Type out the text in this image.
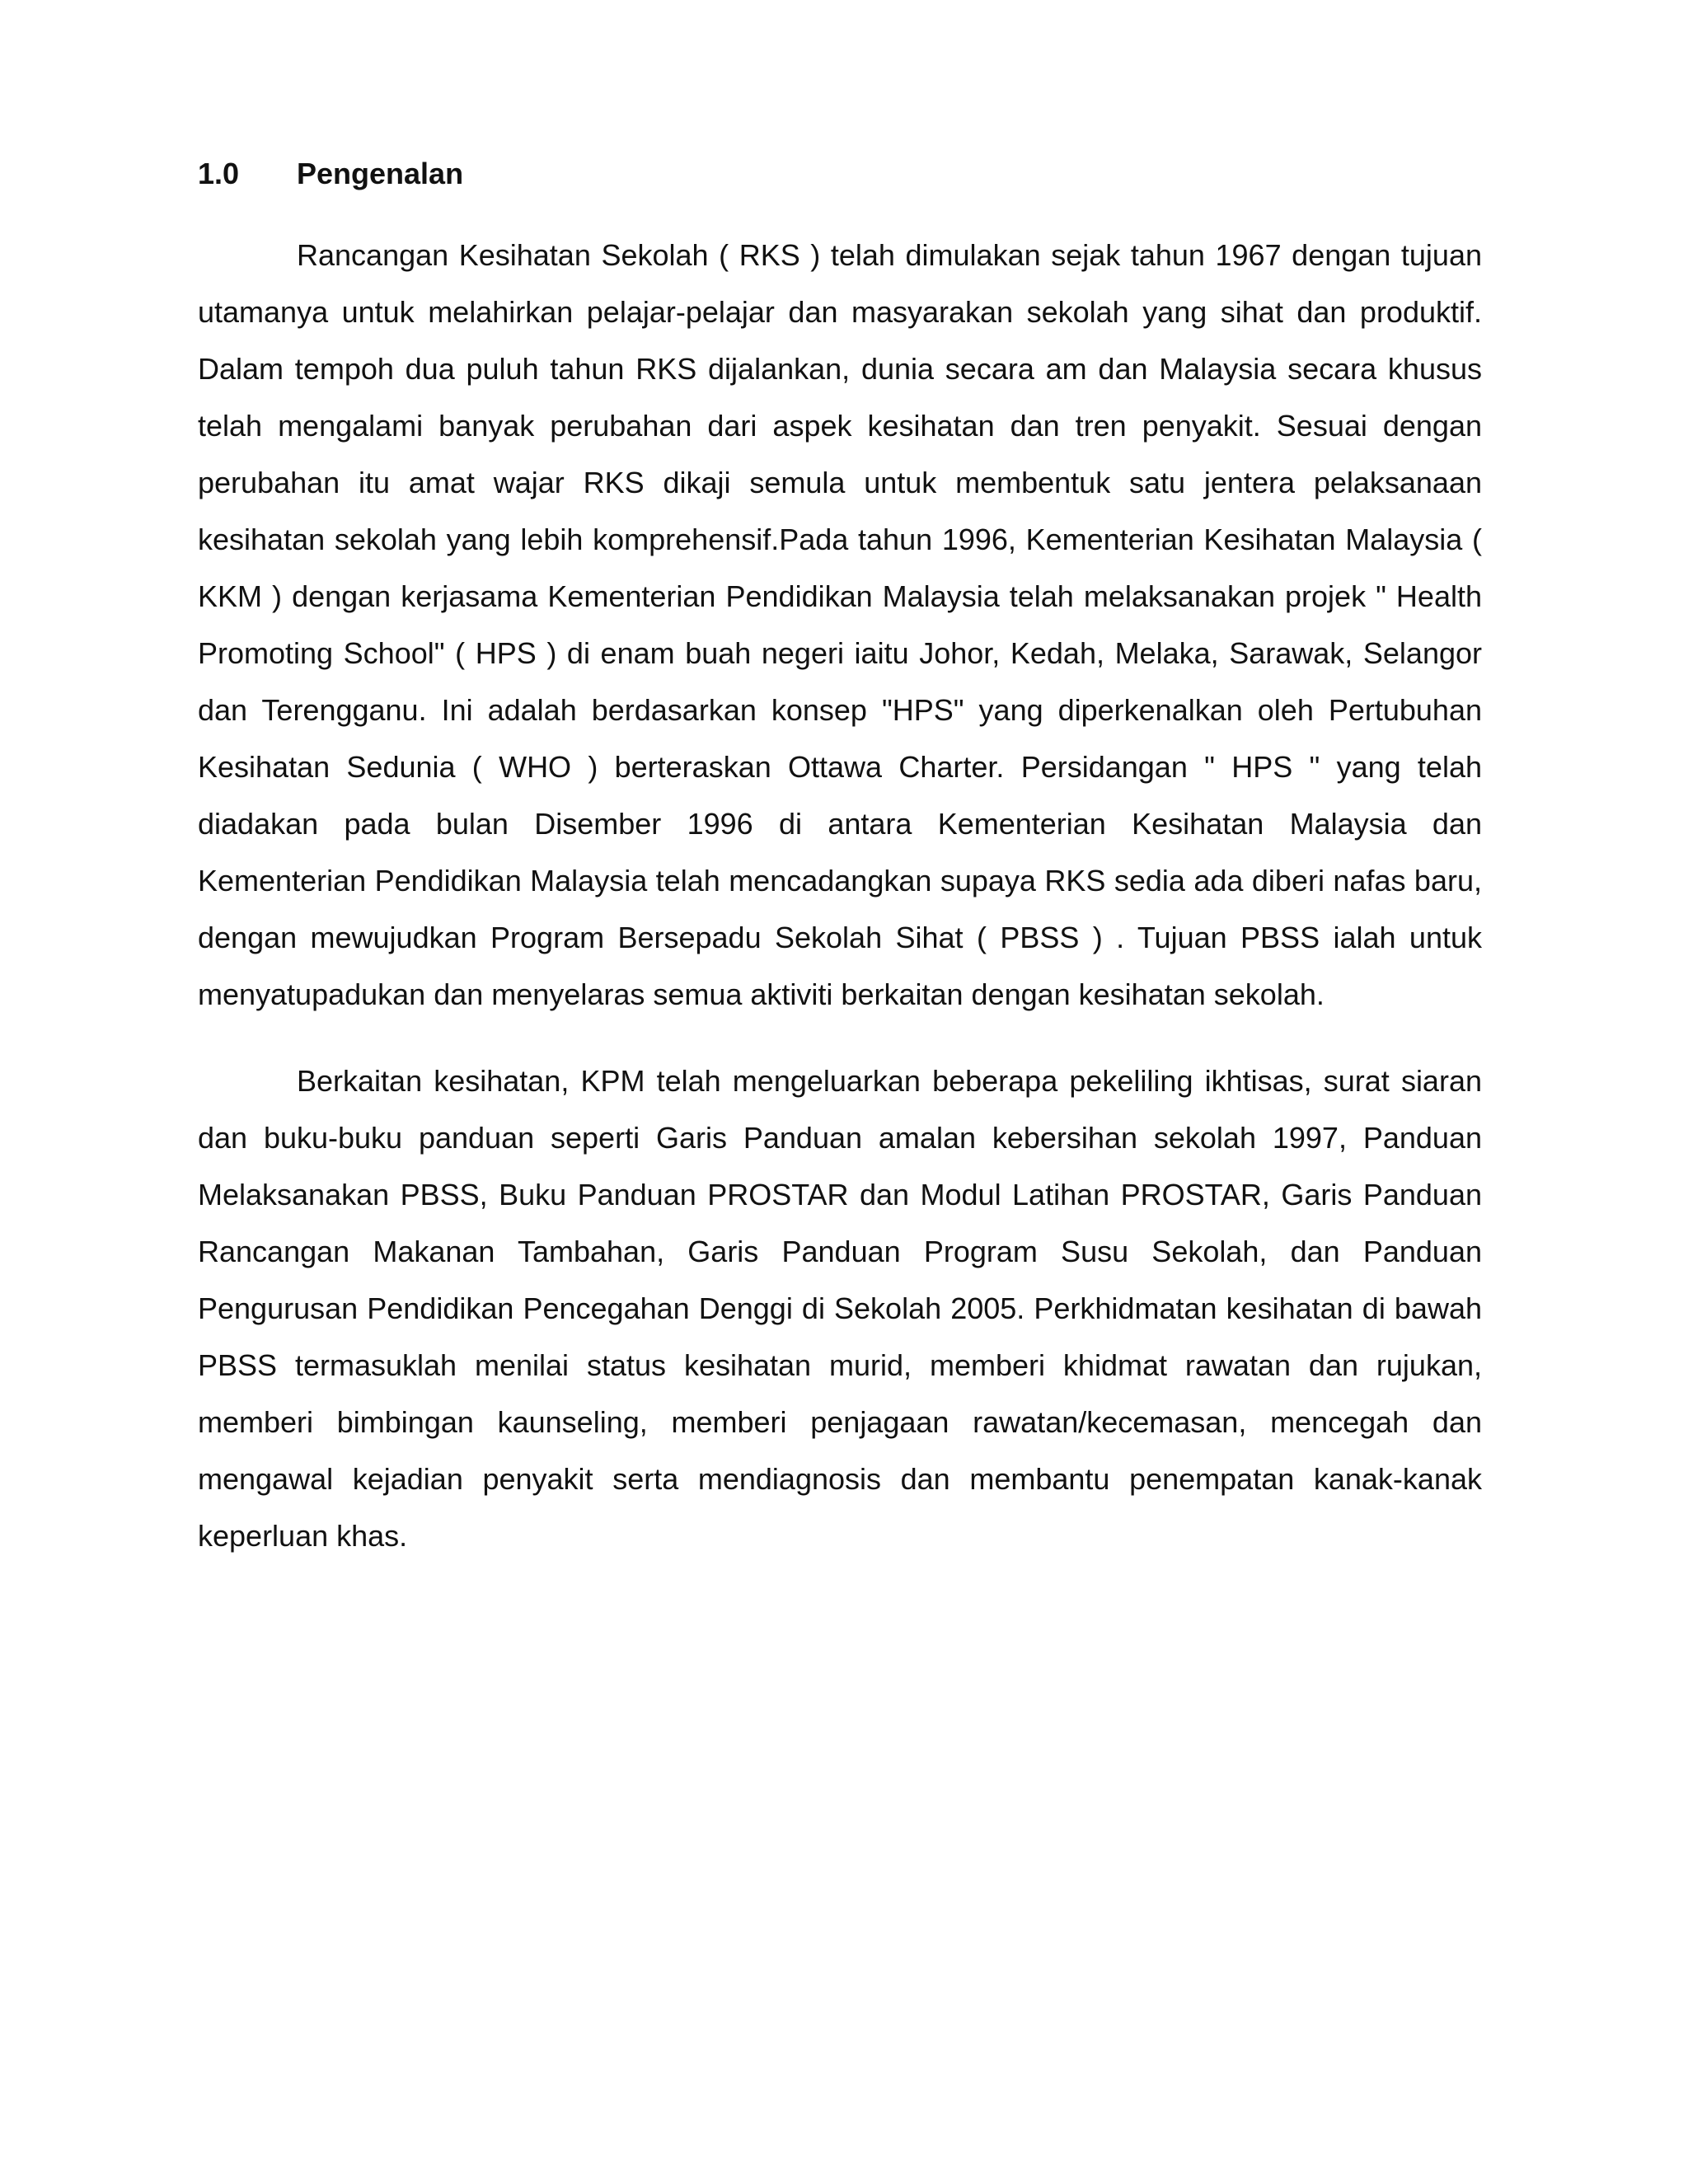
1.0	Pengenalan

Rancangan Kesihatan Sekolah ( RKS ) telah dimulakan sejak tahun 1967 dengan tujuan utamanya untuk melahirkan pelajar-pelajar dan masyarakan sekolah yang sihat dan produktif. Dalam tempoh dua puluh tahun RKS dijalankan, dunia secara am dan Malaysia secara khusus telah mengalami banyak perubahan dari aspek kesihatan dan tren penyakit. Sesuai dengan perubahan itu amat wajar RKS dikaji semula untuk membentuk satu jentera pelaksanaan kesihatan sekolah yang lebih komprehensif.Pada tahun 1996, Kementerian Kesihatan Malaysia ( KKM ) dengan kerjasama Kementerian Pendidikan Malaysia telah melaksanakan projek " Health Promoting School" ( HPS ) di enam buah negeri iaitu Johor, Kedah, Melaka, Sarawak, Selangor dan Terengganu. Ini adalah berdasarkan konsep "HPS" yang diperkenalkan oleh Pertubuhan Kesihatan Sedunia ( WHO ) berteraskan Ottawa Charter. Persidangan " HPS " yang telah diadakan pada bulan Disember 1996 di antara Kementerian Kesihatan Malaysia dan Kementerian Pendidikan Malaysia telah mencadangkan supaya RKS sedia ada diberi nafas baru, dengan mewujudkan Program Bersepadu Sekolah Sihat ( PBSS ) . Tujuan PBSS ialah untuk menyatupadukan dan menyelaras semua aktiviti berkaitan dengan kesihatan sekolah.

Berkaitan kesihatan, KPM telah mengeluarkan beberapa pekeliling ikhtisas, surat siaran dan buku-buku panduan seperti Garis Panduan amalan kebersihan sekolah 1997, Panduan Melaksanakan PBSS, Buku Panduan PROSTAR dan Modul Latihan PROSTAR, Garis Panduan Rancangan Makanan Tambahan, Garis Panduan Program Susu Sekolah, dan Panduan Pengurusan Pendidikan Pencegahan Denggi di Sekolah 2005. Perkhidmatan kesihatan di bawah PBSS termasuklah menilai status kesihatan murid, memberi khidmat rawatan dan rujukan, memberi bimbingan kaunseling, memberi penjagaan rawatan/kecemasan, mencegah dan mengawal kejadian penyakit serta mendiagnosis dan membantu penempatan kanak-kanak keperluan khas.
